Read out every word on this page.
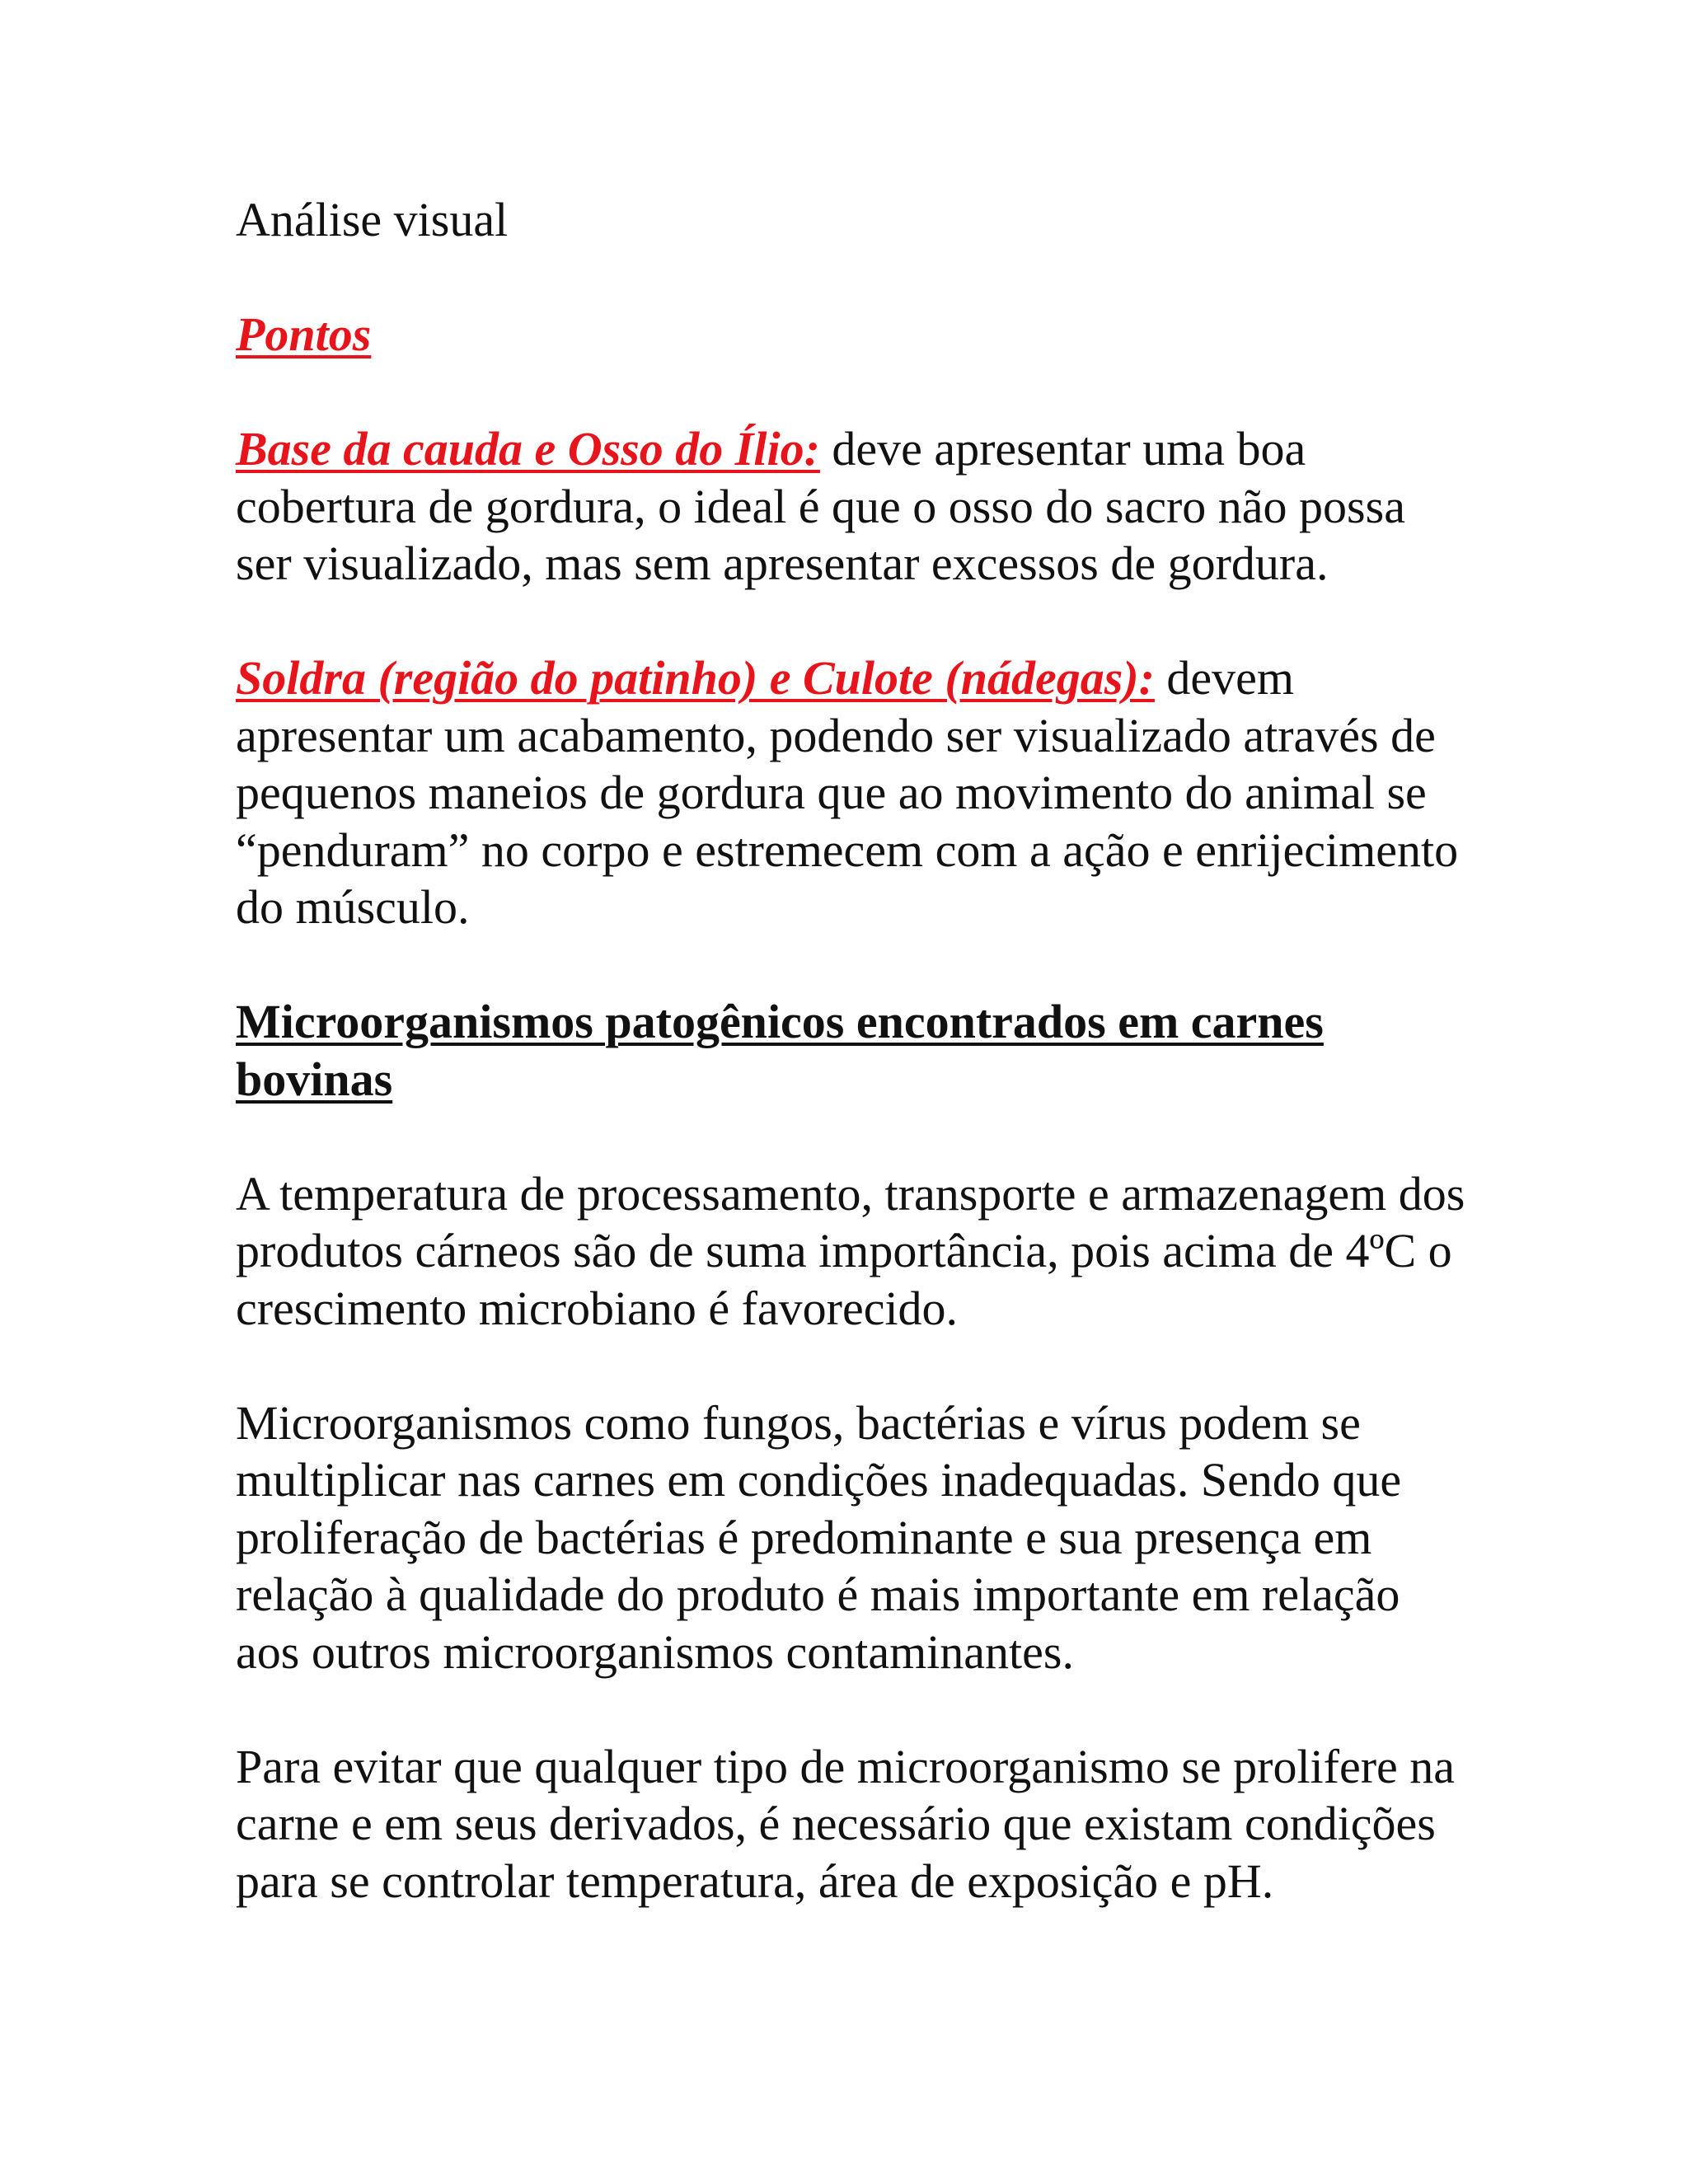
Análise visual

Pontos

Base da cauda e Osso do Ílio: deve apresentar uma boa cobertura de gordura, o ideal é que o osso do sacro não possa ser visualizado, mas sem apresentar excessos de gordura.

Soldra (região do patinho) e Culote (nádegas): devem apresentar um acabamento, podendo ser visualizado através de pequenos maneios de gordura que ao movimento do animal se “penduram” no corpo e estremecem com a ação e enrijecimento do músculo.

Microorganismos patogênicos encontrados em carnes bovinas

A temperatura de processamento, transporte e armazenagem dos produtos cárneos são de suma importância, pois acima de 4ºC o crescimento microbiano é favorecido.

Microorganismos como fungos, bactérias e vírus podem se multiplicar nas carnes em condições inadequadas. Sendo que proliferação de bactérias é predominante e sua presença em relação à qualidade do produto é mais importante em relação aos outros microorganismos contaminantes.

Para evitar que qualquer tipo de microorganismo se prolifere na carne e em seus derivados, é necessário que existam condições para se controlar temperatura, área de exposição e pH.
